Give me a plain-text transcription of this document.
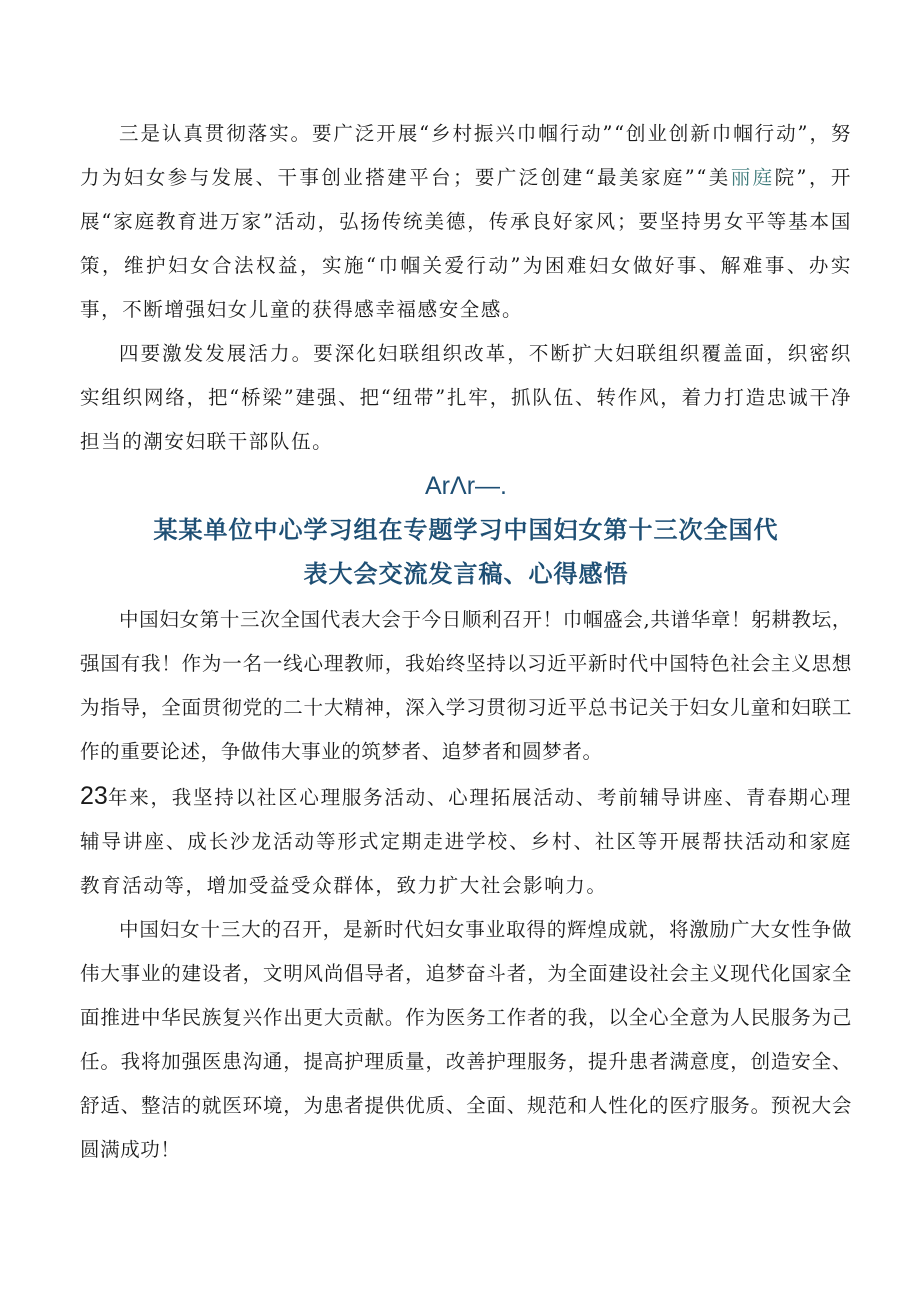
三是认真贯彻落实。要广泛开展“乡村振兴巾帼行动”“创业创新巾帼行动”，努力为妇女参与发展、干事创业搭建平台；要广泛创建“最美家庭”“美丽庭院”，开展“家庭教育进万家”活动，弘扬传统美德，传承良好家风；要坚持男女平等基本国策，维护妇女合法权益，实施“巾帼关爱行动”为困难妇女做好事、解难事、办实事，不断增强妇女儿童的获得感幸福感安全感。

四要激发发展活力。要深化妇联组织改革，不断扩大妇联组织覆盖面，织密织实组织网络，把“桥梁”建强、把“纽带”扎牢，抓队伍、转作风，着力打造忠诚干净担当的潮安妇联干部队伍。

ArΛr—.

某某单位中心学习组在专题学习中国妇女第十三次全国代

表大会交流发言稿、心得感悟

中国妇女第十三次全国代表大会于今日顺利召开！巾帼盛会,共谱华章！躬耕教坛，强国有我！作为一名一线心理教师，我始终坚持以习近平新时代中国特色社会主义思想为指导，全面贯彻党的二十大精神，深入学习贯彻习近平总书记关于妇女儿童和妇联工作的重要论述，争做伟大事业的筑梦者、追梦者和圆梦者。

23年来，我坚持以社区心理服务活动、心理拓展活动、考前辅导讲座、青春期心理辅导讲座、成长沙龙活动等形式定期走进学校、乡村、社区等开展帮扶活动和家庭教育活动等，增加受益受众群体，致力扩大社会影响力。

中国妇女十三大的召开，是新时代妇女事业取得的辉煌成就，将激励广大女性争做伟大事业的建设者，文明风尚倡导者，追梦奋斗者，为全面建设社会主义现代化国家全面推进中华民族复兴作出更大贡献。作为医务工作者的我，以全心全意为人民服务为己任。我将加强医患沟通，提高护理质量，改善护理服务，提升患者满意度，创造安全、舒适、整洁的就医环境，为患者提供优质、全面、规范和人性化的医疗服务。预祝大会圆满成功！
